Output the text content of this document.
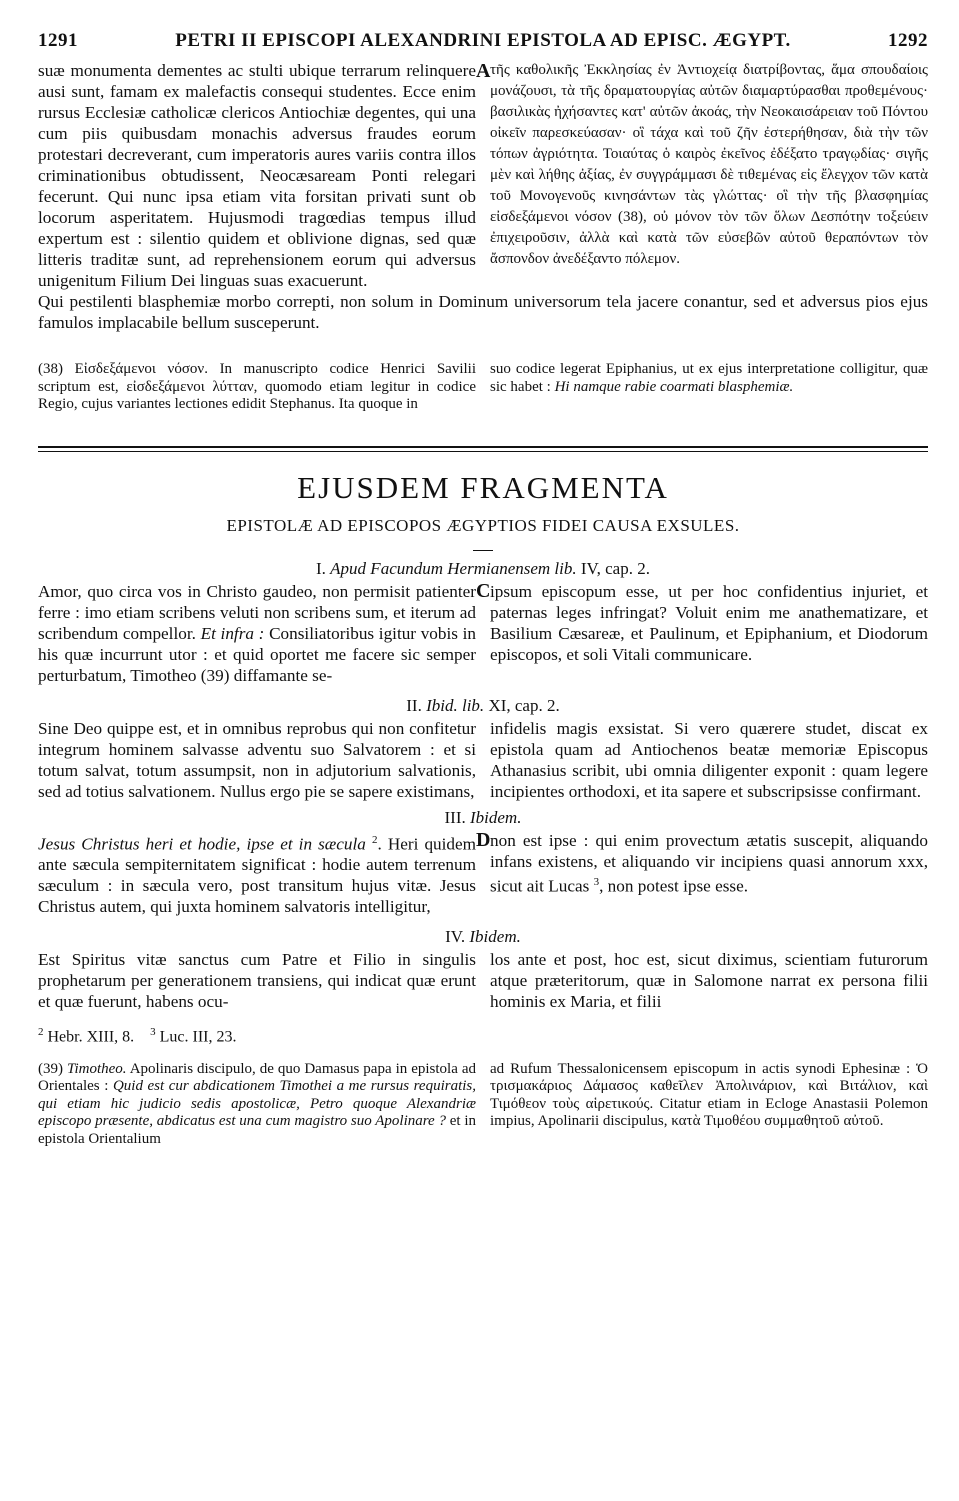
1291	PETRI II EPISCOPI ALEXANDRINI EPISTOLA AD EPISC. ÆGYPT.	1292

suæ monumenta dementes ac stulti ubique terrarum relinquere ausi sunt, famam ex malefactis consequi studentes. Ecce enim rursus Ecclesiæ catholicæ clericos Antiochiæ degentes, qui una cum piis quibusdam monachis adversus fraudes eorum protestari decreverant, cum imperatoris aures variis contra illos criminationibus obtudissent, Neocæsaream Ponti relegari fecerunt. Qui nunc ipsa etiam vita forsitan privati sunt ob locorum asperitatem. Hujusmodi tragœdias tempus illud expertum est : silentio quidem et oblivione dignas, sed quæ litteris traditæ sunt, ad reprehensionem eorum qui adversus unigenitum Filium Dei linguas suas exacuerunt.

A τῆς καθολικῆς Ἐκκλησίας ἐν Ἀντιοχείᾳ διατρίβοντας, ἅμα σπουδαίοις μονάζουσι, τὰ τῆς δραματουργίας αὐτῶν διαμαρτύρασθαι προθεμένους· βασιλικὰς ἠχήσαντες κατ' αὐτῶν ἀκοάς, τὴν Νεοκαισάρειαν τοῦ Πόντου οἰκεῖν παρεσκεύασαν· οἳ τάχα καὶ τοῦ ζῆν ἐστερήθησαν, διὰ τὴν τῶν τόπων ἀγριότητα. Τοιαύτας ὁ καιρὸς ἐκεῖνος ἐδέξατο τραγῳδίας· σιγῆς μὲν καὶ λήθης ἀξίας, ἐν συγγράμμασι δὲ τιθεμένας εἰς ἔλεγχον τῶν κατὰ τοῦ Μονογενοῦς κινησάντων τὰς γλώττας· οἳ τὴν τῆς βλασφημίας εἰσδεξάμενοι νόσον (38), οὐ μόνον τὸν τῶν ὅλων Δεσπότην τοξεύειν ἐπιχειροῦσιν, ἀλλὰ καὶ κατὰ τῶν εὐσεβῶν αὐτοῦ θεραπόντων τὸν ἄσπονδον ἀνεδέξαντο πόλεμον.

Qui pestilenti blasphemiæ morbo correpti, non solum in Dominum universorum tela jacere conantur, sed et adversus pios ejus famulos implacabile bellum susceperunt.

(38) Εἰσδεξάμενοι νόσον. In manuscripto codice Henrici Savilii scriptum est, εἰσδεξάμενοι λύτταν, quomodo etiam legitur in codice Regio, cujus variantes lectiones edidit Stephanus. Ita quoque in

suo codice legerat Epiphanius, ut ex ejus interpretatione colligitur, quæ sic habet : Hi namque rabie coarmati blasphemiæ.

EJUSDEM FRAGMENTA
EPISTOLÆ AD EPISCOPOS ÆGYPTIOS FIDEI CAUSA EXSULES.
I. Apud Facundum Hermianensem lib. IV, cap. 2.

Amor, quo circa vos in Christo gaudeo, non permisit patienter ferre : imo etiam scribens veluti non scribens sum, et iterum ad scribendum compellor. Et infra : Consiliatoribus igitur vobis in his quæ incurrunt utor : et quid oportet me facere sic semper perturbatum, Timotheo (39) diffamante se-

C ipsum episcopum esse, ut per hoc confidentius injuriet, et paternas leges infringat? Voluit enim me anathematizare, et Basilium Cæsareæ, et Paulinum, et Epiphanium, et Diodorum episcopos, et soli Vitali communicare.

II. Ibid. lib. XI, cap. 2.

Sine Deo quippe est, et in omnibus reprobus qui non confitetur integrum hominem salvasse adventu suo Salvatorem : et si totum salvat, totum assumpsit, non in adjutorium salvationis, sed ad totius salvationem. Nullus ergo pie se sapere existimans,

infidelis magis exsistat. Si vero quærere studet, discat ex epistola quam ad Antiochenos beatæ memoriæ Episcopus Athanasius scribit, ubi omnia diligenter exponit : quam legere incipientes orthodoxi, et ita sapere et subscripsisse confirmant.

III. Ibidem.

Jesus Christus heri et hodie, ipse et in sæcula $^2$. Heri quidem ante sæcula sempiternitatem significat : hodie autem terrenum sæculum : in sæcula vero, post transitum hujus vitæ. Jesus Christus autem, qui juxta hominem salvatoris intelligitur,

D non est ipse : qui enim provectum ætatis suscepit, aliquando infans existens, et aliquando vir incipiens quasi annorum xxx, sicut ait Lucas $^3$, non potest ipse esse.

IV. Ibidem.

Est Spiritus vitæ sanctus cum Patre et Filio in singulis prophetarum per generationem transiens, qui indicat quæ erunt et quæ fuerunt, habens ocu-

los ante et post, hoc est, sicut diximus, scientiam futurorum atque præteritorum, quæ in Salomone narrat ex persona filii hominis ex Maria, et filii

$^2$ Hebr. XIII, 8. $^3$ Luc. III, 23.

(39) Timotheo. Apolinaris discipulo, de quo Damasus papa in epistola ad Orientales : Quid est cur abdicationem Timothei a me rursus requiratis, qui etiam hic judicio sedis apostolicæ, Petro quoque Alexandriæ episcopo præsente, abdicatus est una cum magistro suo Apolinare ? et in epistola Orientalium

ad Rufum Thessalonicensem episcopum in actis synodi Ephesinæ : Ὁ τρισμακάριος Δάμασος καθεῖλεν Ἀπολινάριον, καὶ Βιτάλιον, καὶ Τιμόθεον τοὺς αἱρετικούς. Citatur etiam in Ecloge Anastasii Polemon impius, Apolinarii discipulus, κατὰ Τιμοθέου συμμαθητοῦ αὐτοῦ.
